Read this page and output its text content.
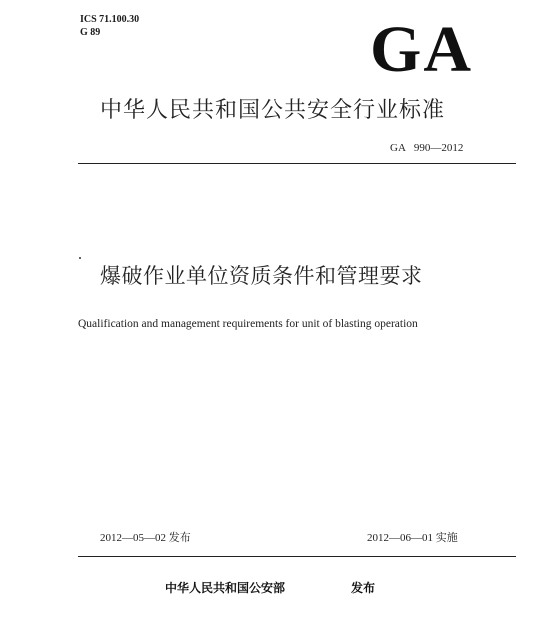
ICS 71.100.30
G 89	GA
中华人民共和国公共安全行业标准
GA 990—2012
爆破作业单位资质条件和管理要求
Qualification and management requirements for unit of blasting operation
2012—05—02 发布	2012—06—01 实施
中华人民共和国公安部	发布
